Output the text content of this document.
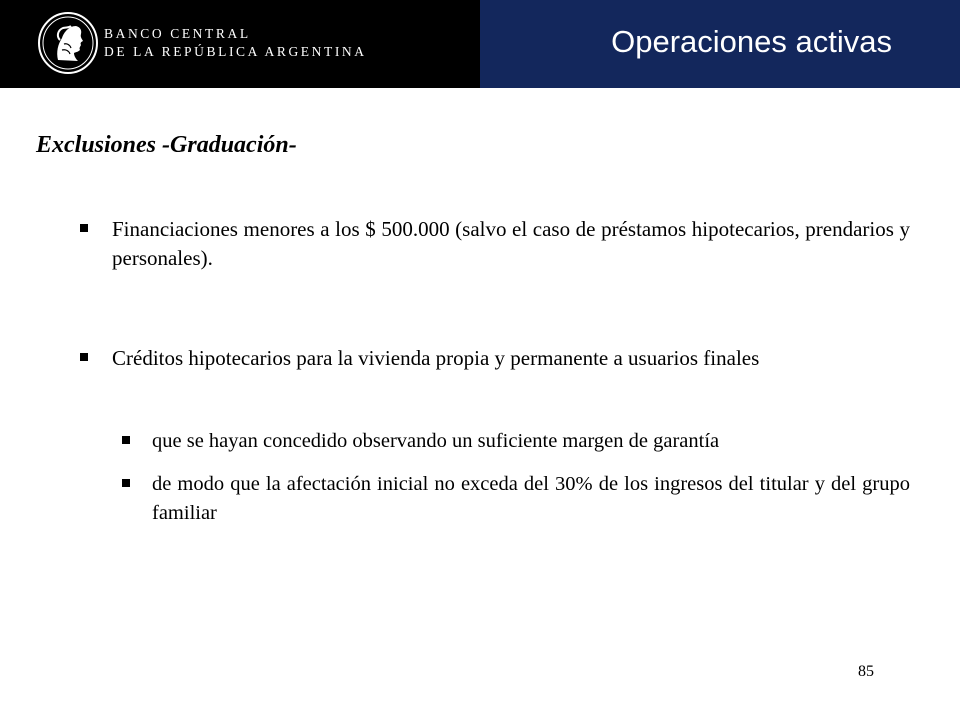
BANCO CENTRAL
DE LA REPÚBLICA ARGENTINA	Operaciones activas
Exclusiones -Graduación-
Financiaciones menores a los $ 500.000 (salvo el caso de préstamos hipotecarios, prendarios y personales).
Créditos hipotecarios para la vivienda propia y permanente a usuarios finales
que se hayan concedido observando un suficiente margen de garantía
de modo que la afectación inicial no exceda del 30% de los ingresos del titular y del grupo familiar
85
